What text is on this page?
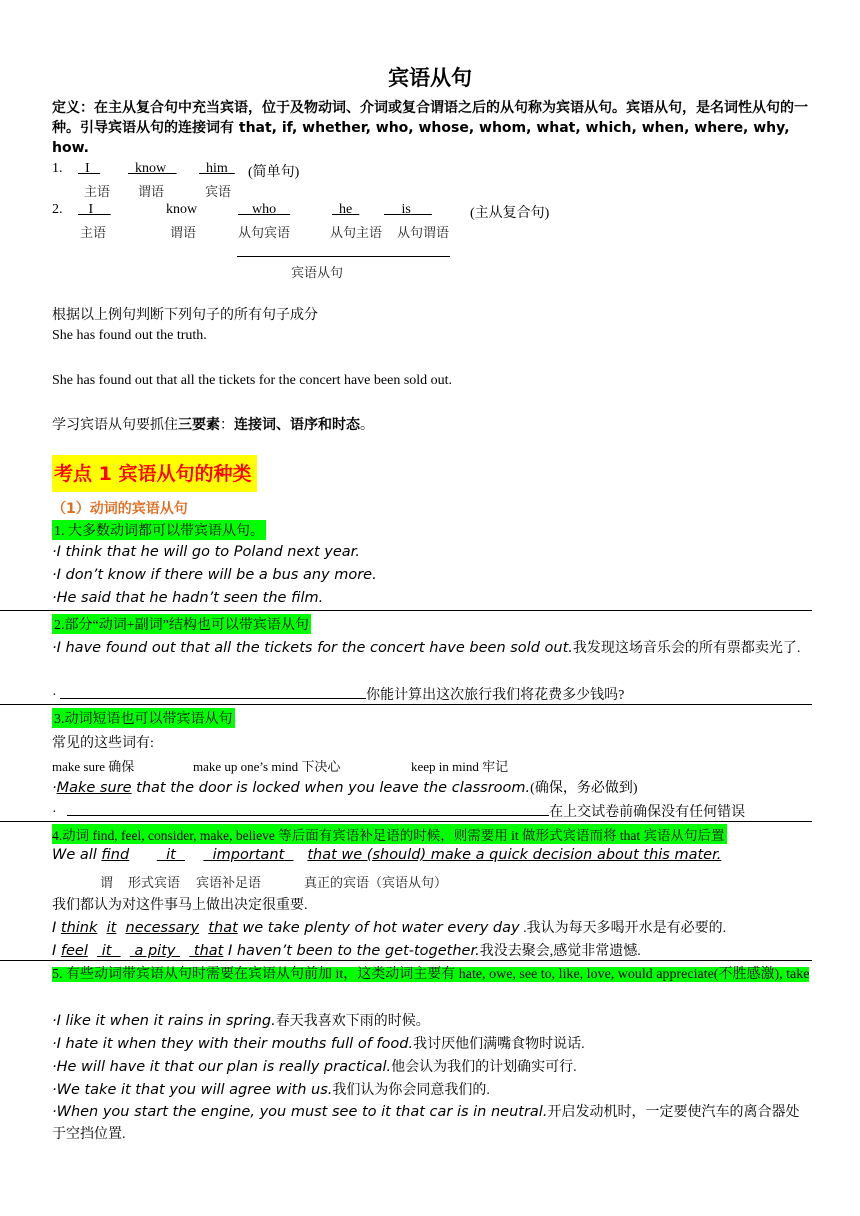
宾语从句
定义：在主从复合句中充当宾语，位于及物动词、介词或复合谓语之后的从句称为宾语从句。宾语从句，是名词性从句的一种。引导宾语从句的连接词有 that, if, whether, who, whose, whom, what, which, when, where, why, how.
1.	I	know	him	(简单句)
主语 谓语	宾语
2.	I	know	who	he	is	(主从复合句)
主语	谓语	从句宾语	从句主语 从句谓语
宾语从句
根据以上例句判断下列句子的所有句子成分
She has found out the truth.
She has found out that all the tickets for the concert have been sold out.
学习宾语从句要抓住三要素：连接词、语序和时态。
考点 1 宾语从句的种类
（1）动词的宾语从句
1. 大多数动词都可以带宾语从句。
·I think that he will go to Poland next year.
·I don’t know if there will be a bus any more.
·He said that he hadn’t seen the film.
2.部分“动词+副词”结构也可以带宾语从句
·I have found out that all the tickets for the concert have been sold out.我发现这场音乐会的所有票都卖光了.
·	你能计算出这次旅行我们将花费多少钱吗?
3.动词短语也可以带宾语从句
常见的这些词有:
make sure 确保	make up one’s mind 下决心	keep in mind 牢记
·Make sure that the door is locked when you leave the classroom.(确保，务必做到)
·	在上交试卷前确保没有任何错误
4.动词 find, feel, consider, make, believe 等后面有宾语补足语的时候，则需要用 it 做形式宾语而将 that 宾语从句后置
We all find	it	important that we (should) make a quick decision about this mater.
谓 形式宾语 宾语补足语	真正的宾语（宾语从句）
我们都认为对这件事马上做出决定很重要.
I think it necessary that we take plenty of hot water every day .我认为每天多喝开水是有必要的.
I feel it a pity that I haven’t been to the get-together.我没去聚会,感觉非常遗憾.
5. 有些动词带宾语从句时需要在宾语从句前加 it，这类动词主要有 hate, owe, see to, like, love, would appreciate(不胜感激), take
·I like it when it rains in spring.春天我喜欢下雨的时候。
·I hate it when they with their mouths full of food.我讨厌他们满嘴食物时说话.
·He will have it that our plan is really practical.他会认为我们的计划确实可行.
·We take it that you will agree with us.我们认为你会同意我们的.
·When you start the engine, you must see to it that car is in neutral.开启发动机时，一定要使汽车的离合器处于空挡位置.
